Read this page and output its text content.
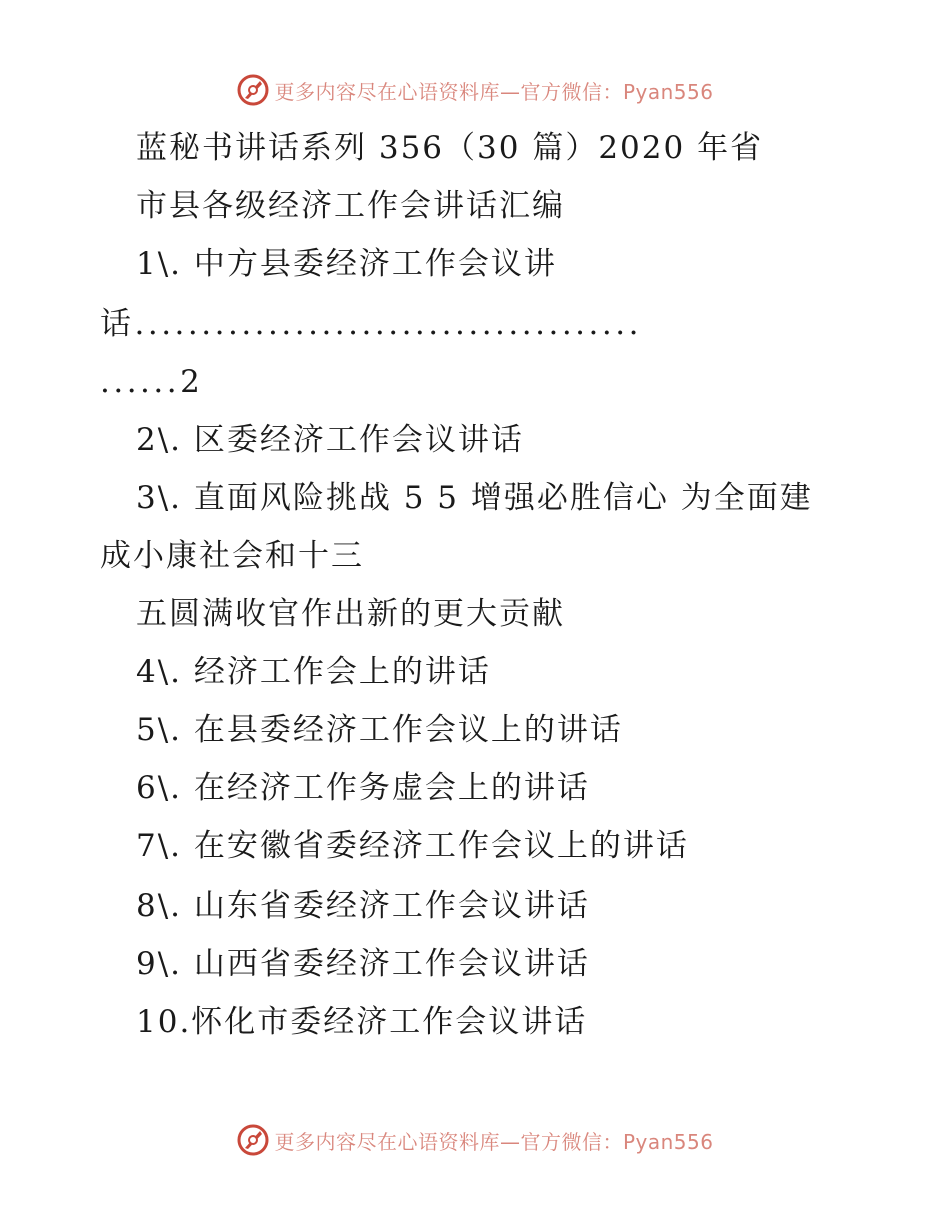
更多内容尽在心语资料库—官方微信：Pyan556
蓝秘书讲话系列 356（30 篇）2020 年省
市县各级经济工作会讲话汇编
1\. 中方县委经济工作会议讲
话......................................
......2
2\. 区委经济工作会议讲话
3\. 直面风险挑战 5 5 增强必胜信心 为全面建
成小康社会和十三
五圆满收官作出新的更大贡献
4\. 经济工作会上的讲话
5\. 在县委经济工作会议上的讲话
6\. 在经济工作务虚会上的讲话
7\. 在安徽省委经济工作会议上的讲话
8\. 山东省委经济工作会议讲话
9\. 山西省委经济工作会议讲话
10.怀化市委经济工作会议讲话
更多内容尽在心语资料库—官方微信：Pyan556
